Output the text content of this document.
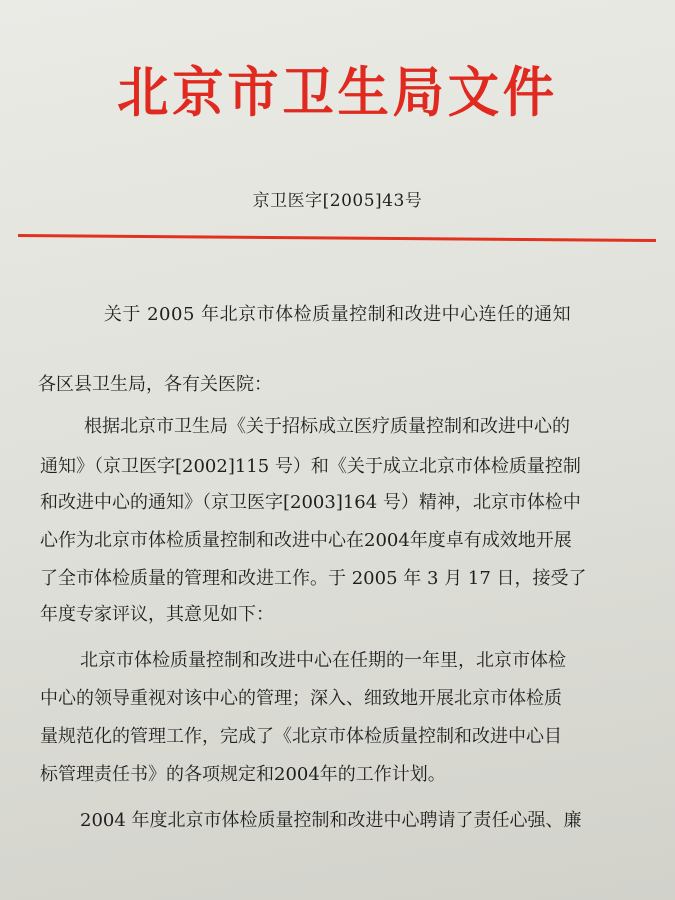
北京市卫生局文件
京卫医字[2005]43号
关于 2005 年北京市体检质量控制和改进中心连任的通知
各区县卫生局，各有关医院：
根据北京市卫生局《关于招标成立医疗质量控制和改进中心的
通知》（京卫医字[2002]115 号）和《关于成立北京市体检质量控制
和改进中心的通知》（京卫医字[2003]164 号）精神，北京市体检中
心作为北京市体检质量控制和改进中心在2004年度卓有成效地开展
了全市体检质量的管理和改进工作。于 2005 年 3 月 17 日，接受了
年度专家评议，其意见如下：
北京市体检质量控制和改进中心在任期的一年里，北京市体检
中心的领导重视对该中心的管理；深入、细致地开展北京市体检质
量规范化的管理工作，完成了《北京市体检质量控制和改进中心目
标管理责任书》的各项规定和2004年的工作计划。
2004 年度北京市体检质量控制和改进中心聘请了责任心强、廉
